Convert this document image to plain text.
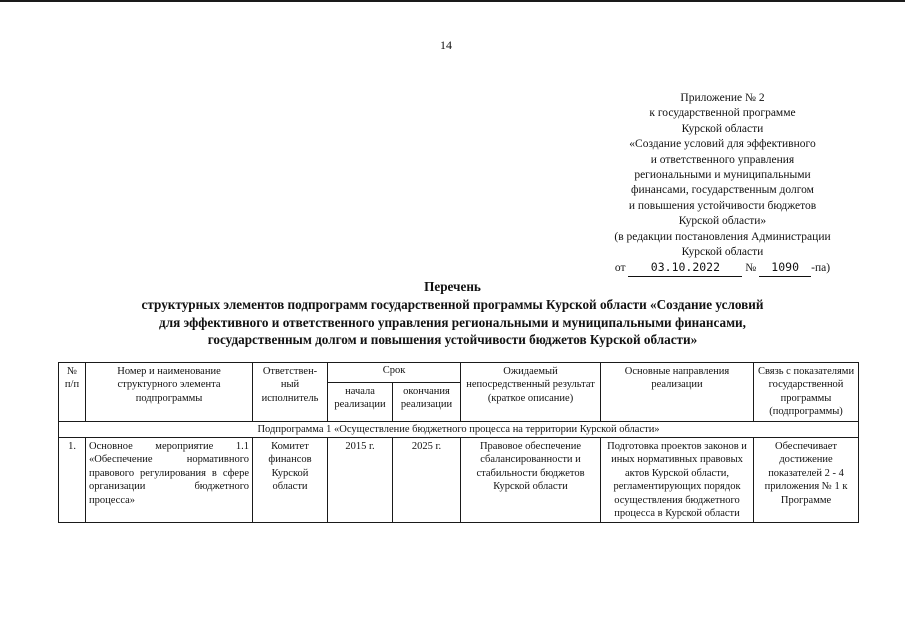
14
Приложение № 2
к государственной программе
Курской области
«Создание условий для эффективного
и ответственного управления
региональными и муниципальными
финансами, государственным долгом
и повышения устойчивости бюджетов
Курской области»
(в редакции постановления Администрации
Курской области
от 03.10.2022 № 1090 -па)
Перечень
структурных элементов подпрограмм государственной программы Курской области «Создание условий
для эффективного и ответственного управления региональными и муниципальными финансами,
государственным долгом и повышения устойчивости бюджетов Курской области»
№ п/п	Номер и наименование структурного элемента подпрограммы	Ответствен-ный исполнитель	Срок		Ожидаемый непосредственный результат (краткое описание)	Основные направления реализации	Связь с показателями государственной программы (подпрограммы)
			начала реализации	окончания реализации			
Подпрограмма 1 «Осуществление бюджетного процесса на территории Курской области»							
1.	Основное мероприятие 1.1 «Обеспечение нормативного правового регулирования в сфере организации бюджетного процесса»	Комитет финансов Курской области	2015 г.	2025 г.	Правовое обеспечение сбалансированности и стабильности бюджетов Курской области	Подготовка проектов законов и иных нормативных правовых актов Курской области, регламентирующих порядок осуществления бюджетного процесса в Курской области	Обеспечивает достижение показателей 2 - 4 приложения № 1 к Программе
